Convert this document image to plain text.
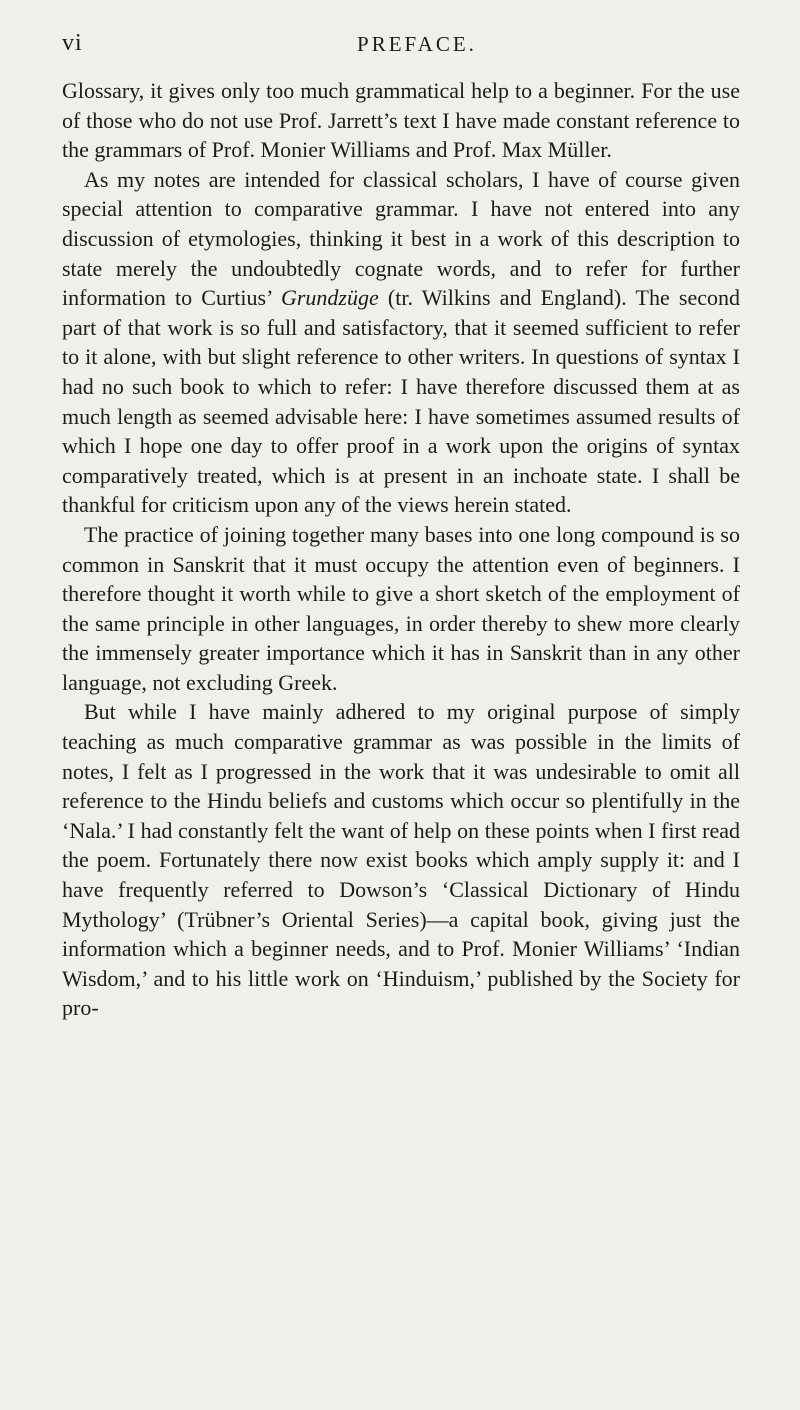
vi	PREFACE.

Glossary, it gives only too much grammatical help to a beginner. For the use of those who do not use Prof. Jarrett’s text I have made constant reference to the grammars of Prof. Monier Williams and Prof. Max Müller.

As my notes are intended for classical scholars, I have of course given special attention to comparative grammar. I have not entered into any discussion of etymologies, thinking it best in a work of this description to state merely the undoubtedly cognate words, and to refer for further information to Curtius’ Grundzüge (tr. Wilkins and England). The second part of that work is so full and satisfactory, that it seemed sufficient to refer to it alone, with but slight reference to other writers. In questions of syntax I had no such book to which to refer: I have therefore discussed them at as much length as seemed advisable here: I have sometimes assumed results of which I hope one day to offer proof in a work upon the origins of syntax comparatively treated, which is at present in an inchoate state. I shall be thankful for criticism upon any of the views herein stated.

The practice of joining together many bases into one long compound is so common in Sanskrit that it must occupy the attention even of beginners. I therefore thought it worth while to give a short sketch of the employment of the same principle in other languages, in order thereby to shew more clearly the immensely greater importance which it has in Sanskrit than in any other language, not excluding Greek.

But while I have mainly adhered to my original purpose of simply teaching as much comparative grammar as was possible in the limits of notes, I felt as I progressed in the work that it was undesirable to omit all reference to the Hindu beliefs and customs which occur so plentifully in the ‘Nala.’ I had constantly felt the want of help on these points when I first read the poem. Fortunately there now exist books which amply supply it: and I have frequently referred to Dowson’s ‘Classical Dictionary of Hindu Mythology’ (Trübner’s Oriental Series)—a capital book, giving just the information which a beginner needs, and to Prof. Monier Williams’ ‘Indian Wisdom,’ and to his little work on ‘Hinduism,’ published by the Society for pro-
